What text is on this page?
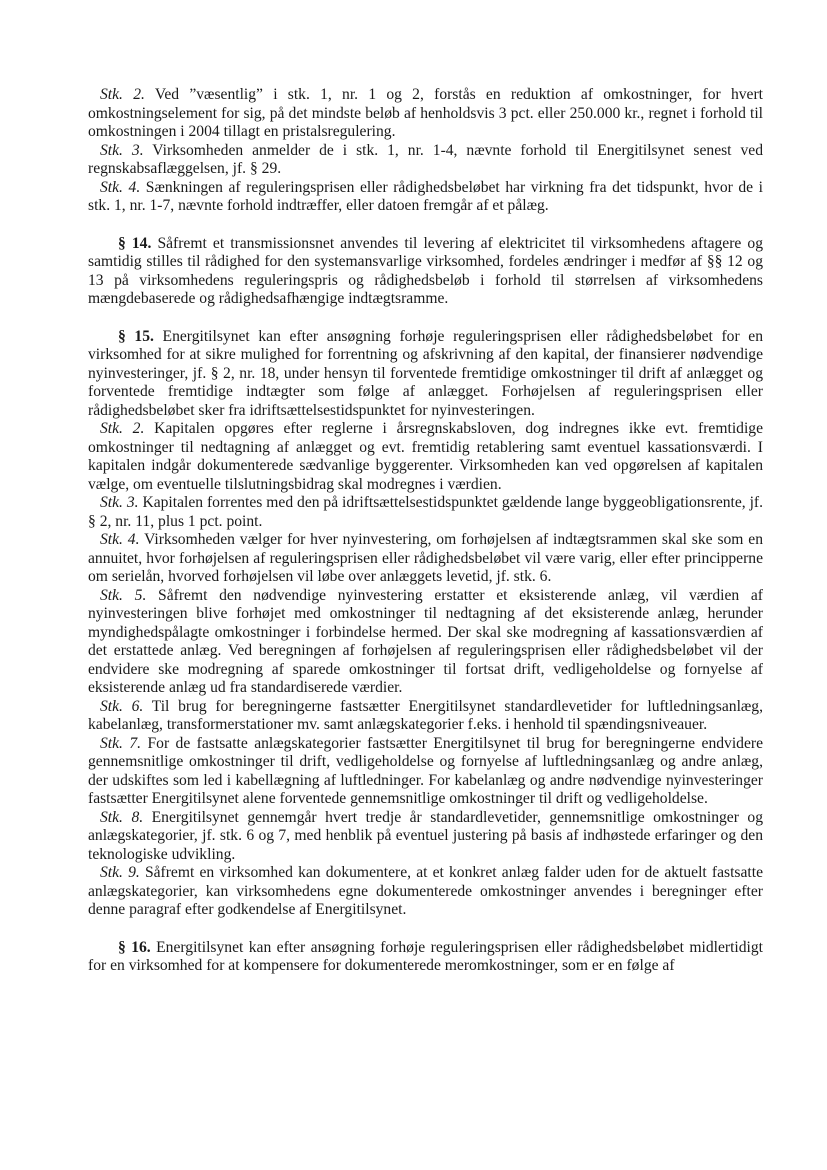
Stk. 2. Ved ”væsentlig” i stk. 1, nr. 1 og 2, forstås en reduktion af omkostninger, for hvert omkostningselement for sig, på det mindste beløb af henholdsvis 3 pct. eller 250.000 kr., regnet i forhold til omkostningen i 2004 tillagt en pristalsregulering.

Stk. 3. Virksomheden anmelder de i stk. 1, nr. 1-4, nævnte forhold til Energitilsynet senest ved regnskabsaflæggelsen, jf. § 29.

Stk. 4. Sænkningen af reguleringsprisen eller rådighedsbeløbet har virkning fra det tidspunkt, hvor de i stk. 1, nr. 1-7, nævnte forhold indtræffer, eller datoen fremgår af et pålæg.

§ 14. Såfremt et transmissionsnet anvendes til levering af elektricitet til virksomhedens aftagere og samtidig stilles til rådighed for den systemansvarlige virksomhed, fordeles ændringer i medfør af §§ 12 og 13 på virksomhedens reguleringspris og rådighedsbeløb i forhold til størrelsen af virksomhedens mængdebaserede og rådighedsafhængige indtægtsramme.

§ 15. Energitilsynet kan efter ansøgning forhøje reguleringsprisen eller rådighedsbeløbet for en virksomhed for at sikre mulighed for forrentning og afskrivning af den kapital, der finansierer nødvendige nyinvesteringer, jf. § 2, nr. 18, under hensyn til forventede fremtidige omkostninger til drift af anlægget og forventede fremtidige indtægter som følge af anlægget. Forhøjelsen af reguleringsprisen eller rådighedsbeløbet sker fra idriftsættelsestidspunktet for nyinvesteringen.

Stk. 2. Kapitalen opgøres efter reglerne i årsregnskabsloven, dog indregnes ikke evt. fremtidige omkostninger til nedtagning af anlægget og evt. fremtidig retablering samt eventuel kassationsværdi. I kapitalen indgår dokumenterede sædvanlige byggerenter. Virksomheden kan ved opgørelsen af kapitalen vælge, om eventuelle tilslutningsbidrag skal modregnes i værdien.

Stk. 3. Kapitalen forrentes med den på idriftsættelsestidspunktet gældende lange byggeobligationsrente, jf. § 2, nr. 11, plus 1 pct. point.

Stk. 4. Virksomheden vælger for hver nyinvestering, om forhøjelsen af indtægtsrammen skal ske som en annuitet, hvor forhøjelsen af reguleringsprisen eller rådighedsbeløbet vil være varig, eller efter principperne om serielån, hvorved forhøjelsen vil løbe over anlæggets levetid, jf. stk. 6.

Stk. 5. Såfremt den nødvendige nyinvestering erstatter et eksisterende anlæg, vil værdien af nyinvesteringen blive forhøjet med omkostninger til nedtagning af det eksisterende anlæg, herunder myndighedspålagte omkostninger i forbindelse hermed. Der skal ske modregning af kassationsværdien af det erstattede anlæg. Ved beregningen af forhøjelsen af reguleringsprisen eller rådighedsbeløbet vil der endvidere ske modregning af sparede omkostninger til fortsat drift, vedligeholdelse og fornyelse af eksisterende anlæg ud fra standardiserede værdier.

Stk. 6. Til brug for beregningerne fastsætter Energitilsynet standardlevetider for luftledningsanlæg, kabelanlæg, transformerstationer mv. samt anlægskategorier f.eks. i henhold til spændingsniveauer.

Stk. 7. For de fastsatte anlægskategorier fastsætter Energitilsynet til brug for beregningerne endvidere gennemsnitlige omkostninger til drift, vedligeholdelse og fornyelse af luftledningsanlæg og andre anlæg, der udskiftes som led i kabellægning af luftledninger. For kabelanlæg og andre nødvendige nyinvesteringer fastsætter Energitilsynet alene forventede gennemsnitlige omkostninger til drift og vedligeholdelse.

Stk. 8. Energitilsynet gennemgår hvert tredje år standardlevetider, gennemsnitlige omkostninger og anlægskategorier, jf. stk. 6 og 7, med henblik på eventuel justering på basis af indhøstede erfaringer og den teknologiske udvikling.

Stk. 9. Såfremt en virksomhed kan dokumentere, at et konkret anlæg falder uden for de aktuelt fastsatte anlægskategorier, kan virksomhedens egne dokumenterede omkostninger anvendes i beregninger efter denne paragraf efter godkendelse af Energitilsynet.

§ 16. Energitilsynet kan efter ansøgning forhøje reguleringsprisen eller rådighedsbeløbet midlertidigt for en virksomhed for at kompensere for dokumenterede meromkostninger, som er en følge af
